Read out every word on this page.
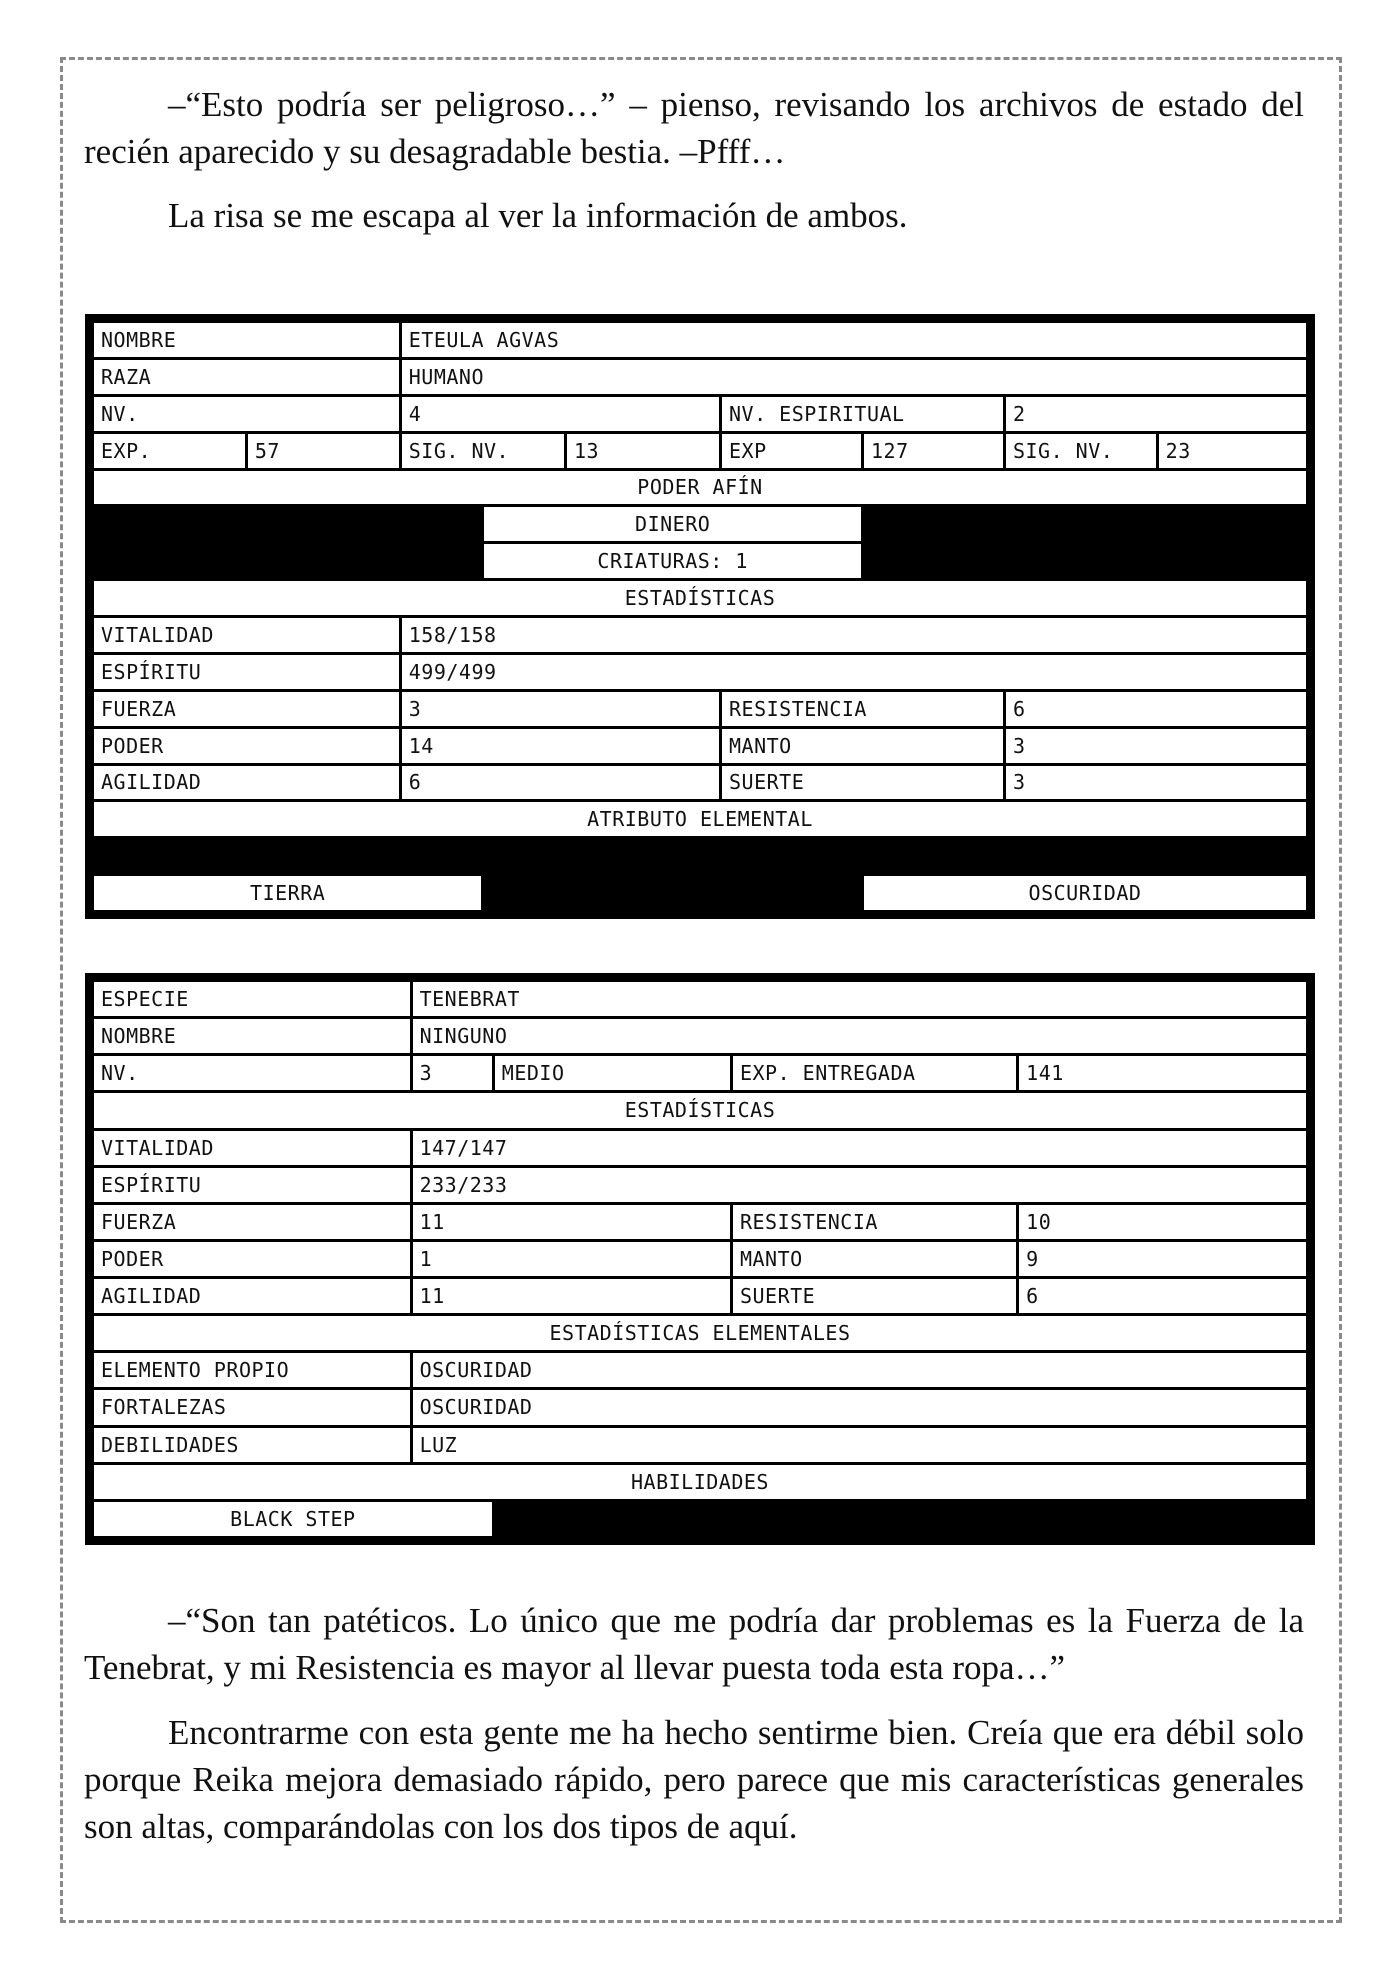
–“Esto podría ser peligroso…” – pienso, revisando los archivos de estado del recién aparecido y su desagradable bestia. –Pfff…

La risa se me escapa al ver la información de ambos.

NOMBRE		ETEULA AGVAS						
RAZA		HUMANO						
NV.		4			NV. ESPIRITUAL		2	
EXP.	57	SIG. NV.		13	EXP	127	SIG. NV.	23
PODER AFÍN								
			DINERO					
			CRIATURAS: 1					
ESTADÍSTICAS								
VITALIDAD		158/158						
ESPÍRITU		499/499						
FUERZA		3			RESISTENCIA		6	
PODER		14			MANTO		3	
AGILIDAD		6			SUERTE		3	
ATRIBUTO ELEMENTAL								

TIERRA						OSCURIDAD		
ESPECIE	TENEBRAT			
NOMBRE	NINGUNO			
NV.	3	MEDIO	EXP. ENTREGADA	141
ESTADÍSTICAS				
VITALIDAD	147/147			
ESPÍRITU	233/233			
FUERZA	11		RESISTENCIA	10
PODER	1		MANTO	9
AGILIDAD	11		SUERTE	6
ESTADÍSTICAS ELEMENTALES				
ELEMENTO PROPIO	OSCURIDAD			
FORTALEZAS	OSCURIDAD			
DEBILIDADES	LUZ			
HABILIDADES				
BLACK STEP				

–“Son tan patéticos. Lo único que me podría dar problemas es la Fuerza de la Tenebrat, y mi Resistencia es mayor al llevar puesta toda esta ropa…”

Encontrarme con esta gente me ha hecho sentirme bien. Creía que era débil solo porque Reika mejora demasiado rápido, pero parece que mis características generales son altas, comparándolas con los dos tipos de aquí.
